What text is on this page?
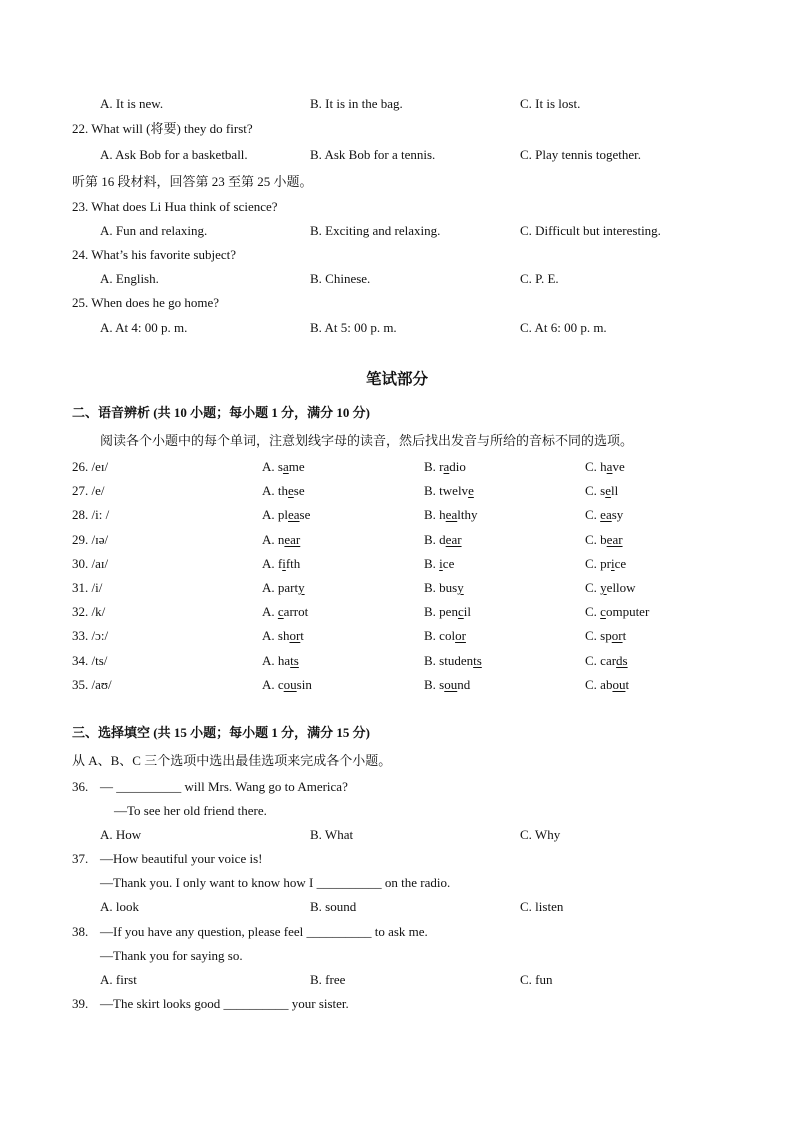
A. It is new.	B. It is in the bag.	C. It is lost.
22. What will (将要) they do first?
A. Ask Bob for a basketball.	B. Ask Bob for a tennis.	C. Play tennis together.
听第 16 段材料，回答第 23 至第 25 小题。
23. What does Li Hua think of science?
A. Fun and relaxing.	B. Exciting and relaxing.	C. Difficult but interesting.
24. What’s his favorite subject?
A. English.	B. Chinese.	C. P. E.
25. When does he go home?
A. At 4: 00 p. m.	B. At 5: 00 p. m.	C. At 6: 00 p. m.
笔试部分
二、语音辨析 (共 10 小题；每小题 1 分，满分 10 分)
阅读各个小题中的每个单词，注意划线字母的读音，然后找出发音与所给的音标不同的选项。
26. /eɪ/	A. same	B. radio	C. have
27. /e/	A. these	B. twelve	C. sell
28. /i: /	A. please	B. healthy	C. easy
29. /ɪə/	A. near	B. dear	C. bear
30. /aɪ/	A. fifth	B. ice	C. price
31. /i/	A. party	B. busy	C. yellow
32. /k/	A. carrot	B. pencil	C. computer
33. /ɔ:/	A. short	B. color	C. sport
34. /ts/	A. hats	B. students	C. cards
35. /aʊ/	A. cousin	B. sound	C. about
三、选择填空 (共 15 小题；每小题 1 分，满分 15 分)
从 A、B、C 三个选项中选出最佳选项来完成各个小题。
36. — __________ will Mrs. Wang go to America?
—To see her old friend there.
A. How	B. What	C. Why
37. —How beautiful your voice is!
—Thank you. I only want to know how I __________ on the radio.
A. look	B. sound	C. listen
38. —If you have any question, please feel __________ to ask me.
—Thank you for saying so.
A. first	B. free	C. fun
39. —The skirt looks good __________ your sister.
